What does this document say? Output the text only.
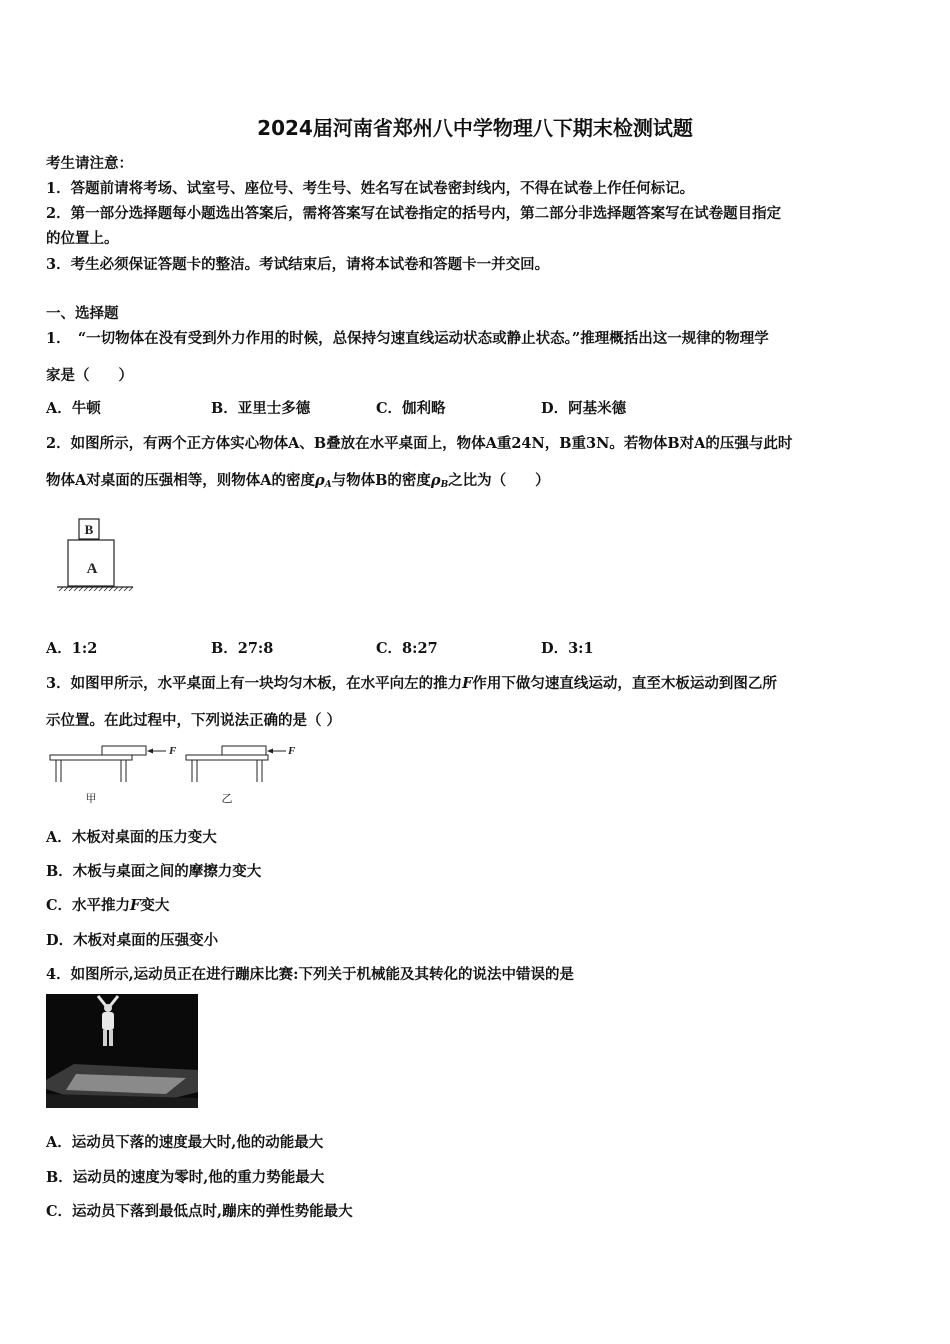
2024届河南省郑州八中学物理八下期末检测试题
考生请注意：
1．答题前请将考场、试室号、座位号、考生号、姓名写在试卷密封线内，不得在试卷上作任何标记。
2．第一部分选择题每小题选出答案后，需将答案写在试卷指定的括号内，第二部分非选择题答案写在试卷题目指定
的位置上。
3．考生必须保证答题卡的整洁。考试结束后，请将本试卷和答题卡一并交回。
一、选择题
1．　“一切物体在没有受到外力作用的时候，总保持匀速直线运动状态或静止状态。”推理概括出这一规律的物理学
家是（　　）
A．牛顿	B．亚里士多德	C．伽利略	D．阿基米德
2．如图所示，有两个正方体实心物体A、B叠放在水平桌面上，物体A重24N，B重3N。若物体B对A的压强与此时
物体A对桌面的压强相等，则物体A的密度$\rho_A$与物体B的密度$\rho_B$之比为（　　）
B
A
A．1:2	B．27:8	C．8:27	D．3:1
3．如图甲所示，水平桌面上有一块均匀木板，在水平向左的推力F作用下做匀速直线运动，直至木板运动到图乙所
示位置。在此过程中，下列说法正确的是（ ）
F
甲
F
乙
A．木板对桌面的压力变大
B．木板与桌面之间的摩擦力变大
C．水平推力F变大
D．木板对桌面的压强变小
4．如图所示,运动员正在进行蹦床比赛:下列关于机械能及其转化的说法中错误的是
A．运动员下落的速度最大时,他的动能最大
B．运动员的速度为零时,他的重力势能最大
C．运动员下落到最低点时,蹦床的弹性势能最大
